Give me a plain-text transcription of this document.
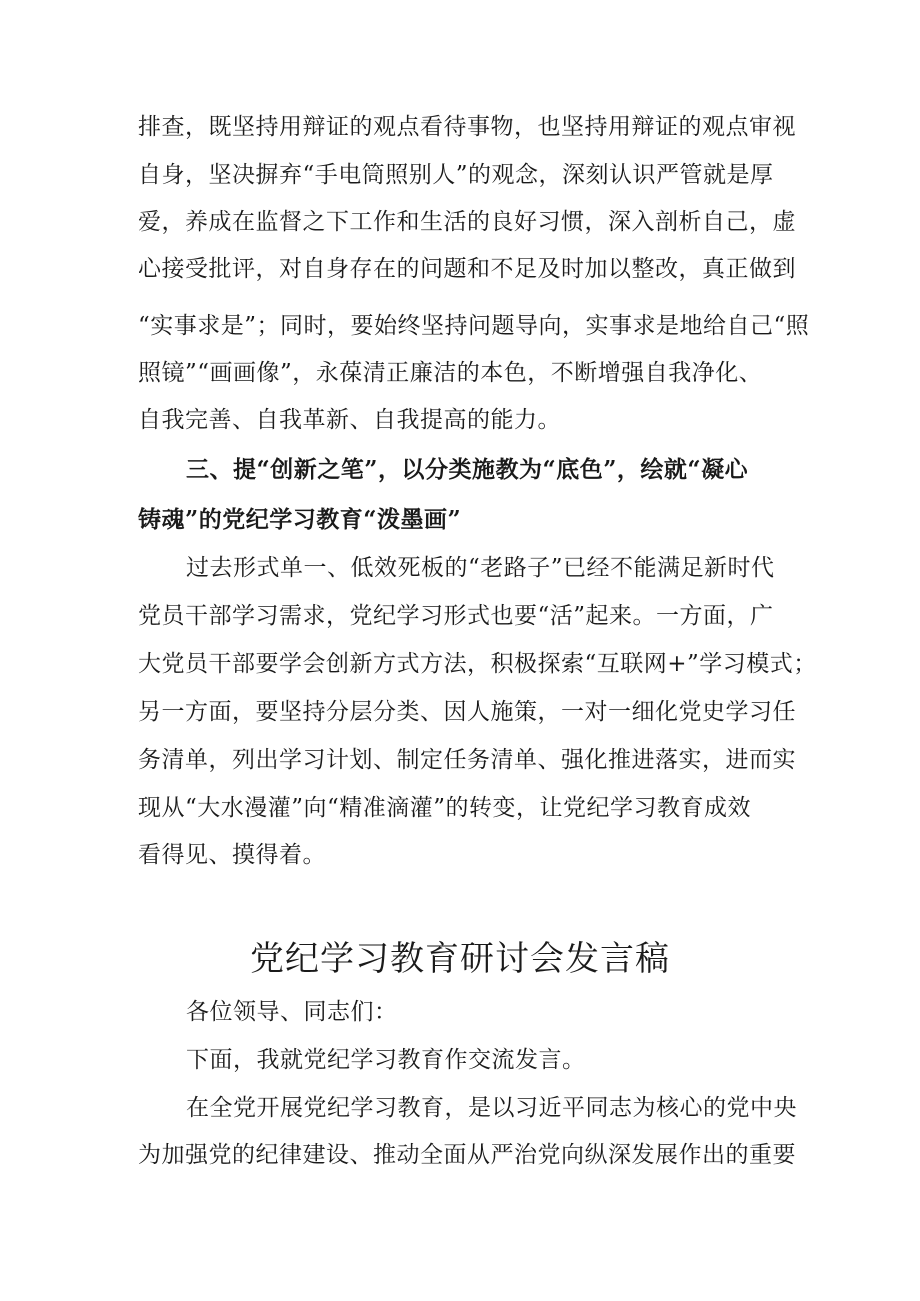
排查，既坚持用辩证的观点看待事物，也坚持用辩证的观点审视
自身，坚决摒弃“手电筒照别人”的观念，深刻认识严管就是厚
爱，养成在监督之下工作和生活的良好习惯，深入剖析自己，虚
心接受批评，对自身存在的问题和不足及时加以整改，真正做到
“实事求是”；同时，要始终坚持问题导向，实事求是地给自己“照
照镜”“画画像”，永葆清正廉洁的本色，不断增强自我净化、
自我完善、自我革新、自我提高的能力。
三、提“创新之笔”，以分类施教为“底色”，绘就“凝心
铸魂”的党纪学习教育“泼墨画”
过去形式单一、低效死板的“老路子”已经不能满足新时代
党员干部学习需求，党纪学习形式也要“活”起来。一方面，广
大党员干部要学会创新方式方法，积极探索“互联网+”学习模式；
另一方面，要坚持分层分类、因人施策，一对一细化党史学习任
务清单，列出学习计划、制定任务清单、强化推进落实，进而实
现从“大水漫灌”向“精准滴灌”的转变，让党纪学习教育成效
看得见、摸得着。
党纪学习教育研讨会发言稿
各位领导、同志们：
下面，我就党纪学习教育作交流发言。
在全党开展党纪学习教育，是以习近平同志为核心的党中央
为加强党的纪律建设、推动全面从严治党向纵深发展作出的重要
